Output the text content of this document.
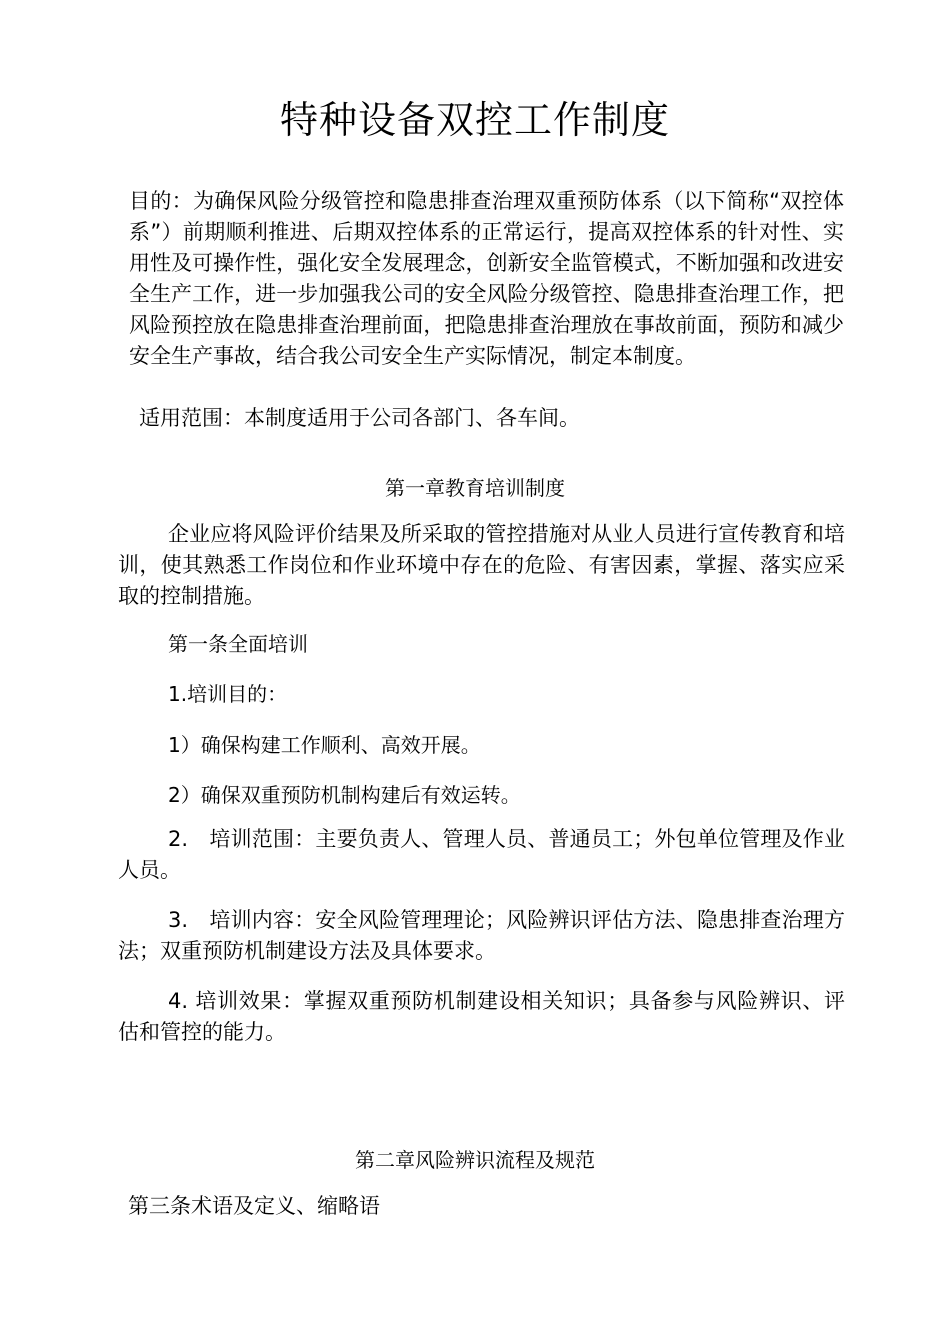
特种设备双控工作制度
目的：为确保风险分级管控和隐患排查治理双重预防体系（以下简称“双控体系”）前期顺利推进、后期双控体系的正常运行，提高双控体系的针对性、实用性及可操作性，强化安全发展理念，创新安全监管模式，不断加强和改进安全生产工作，进一步加强我公司的安全风险分级管控、隐患排查治理工作，把风险预控放在隐患排查治理前面，把隐患排查治理放在事故前面，预防和减少安全生产事故，结合我公司安全生产实际情况，制定本制度。
适用范围：本制度适用于公司各部门、各车间。
第一章教育培训制度
企业应将风险评价结果及所采取的管控措施对从业人员进行宣传教育和培训，使其熟悉工作岗位和作业环境中存在的危险、有害因素，掌握、落实应采取的控制措施。
第一条全面培训
1.培训目的：
1）确保构建工作顺利、高效开展。
2）确保双重预防机制构建后有效运转。
2.　培训范围：主要负责人、管理人员、普通员工；外包单位管理及作业人员。
3.　培训内容：安全风险管理理论；风险辨识评估方法、隐患排查治理方法；双重预防机制建设方法及具体要求。
4. 培训效果：掌握双重预防机制建设相关知识；具备参与风险辨识、评估和管控的能力。
第二章风险辨识流程及规范
第三条术语及定义、缩略语
